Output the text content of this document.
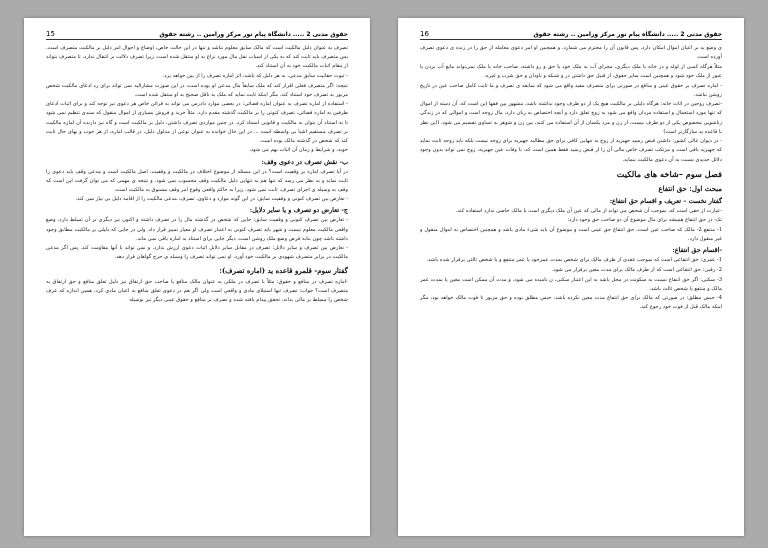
15	حقوق مدنی 2 ..... دانشگاه پیام نور مرکز ورامین .. رشته حقوق
تصرف به عنوان دلیل مالکیت است که مالک سابق معلوم نباشد و تنها در این حالت خاص، اوضاع و احوال امر دلیل بر مالکیت متصرف است. پس متصرف باید ثابت کند که به یکی از اسباب نقل مال مورد نزاع به او منتقل شده است. زیرا تصرف دلالت بر انتقال ندارد، تا متصرف بتواند از مقام اثبات مالکیت خود به آن استناد کند.
- ثبوت حقانیت سابق مدعی، به هر دلیل که باشد، اثر اماره تصرف را از بین خواهد برد.
نتیجه: اگر متصرف فعلی اقرار کند که ملک سابقاً مال مدعی او بوده است، در این صورت مشارالیه نمی تواند برای رد ادعای مالکیت شخص مزبور به تصرف خود استناد کند. مگر اینکه ثابت نماید که ملک به ناقل صحیح به او منتقل شده است.
- استفاده از اماره تصرف به عنوان اماره قضائی: در بعضی موارد دادرس می تواند به قرائن خاص هر دعوی نیز توجه کند و برای اثبات ادعای طرفین به اماره قضائی، تصرف کنونی را بر مالکیت گذشته مقدم دارد. مثلاً خرید و فروش بسیاری از اموال منقول که سندی تنظیم نمی شود تا به استناد آن بتوان به مالکیت و قانونی استناد کرد. در چنین مواردی تصرف داشتن، دلیل بر مالکیت است و گاه نیز دارنده آن اماره مالکیت بر تصرف مستقیم اشیا بی واسطه است ... در این حال خوانده به عنوان نوعی از مدلول دلیل، در قالب اماره، از هر خوب و بهای حال ثابت کند که شخص در گذشته مالک بوده است.
خوبد، و شرایط و زمان آن اثبات بهم می شود.
ب- نقش تصرف در دعوی وقف:
در آیا تصرف اماره بر وقفیت است؟ در این مسئله از موضوع اختلاف در مالکیت و وقفیت، اصل مالکیت است و مدعی وقف باید دعوی را ثابت نماید و به نظر می رسد که تنها هم به تنهایی دلیل مالکیت وقف محسوب نمی شود. و نتیجه ی مهمی که می توان گرفت این است که وقف به وسیله ی اجرای تصرف، ثابت نمی شود. زیرا به حاکم واقعی وقوع امر وقف مسبوق به مالکیت است.
- تعارض بین تصرف کنونی و وقفیت سابق: در این گونه موارد و دعاوی، تصرف، مدعی مالکیت را از اقامه دلیل بی نیاز نمی کند.
ج- تعارض دو تصرف و یا سایر دلایل:
- تعارض بین تصرف کنونی و وقفیت سابق: جایی که شخص در گذشته مال را در تصرف داشته و اکنون نیز دیگری بر آن تسلط دارد، وضع واقعی مالکیت معلوم نیست و شهر باید تصرف کنونی به اعتبار تصرف او معیار تمییز قرار داد. ولی در جایی که دلیلی بر مالکیت مطابق وجود داشته باشد چون بنابه فرض وضع ملک روشن است، دیگر جایی برای استناد به اماره باقی نمی ماند.
- تعارض بین تصرف و سایر دلایل: تصرف در مقابل سایر دلایل اثبات دعوی ارزش ندارد. و نمی تواند با آنها مقاومت کند. پس اگر مدعی مالکیت در برابر متصرف شهودی بر مالکیت خود آورد، او نمی تواند تصرف را وسیله ی حرج گواهان قرار دهد.
گفتار سوم- قلمرو قاعده ید (اماره تصرف):
-اماره تصرف در منافع و حقوق: مثلاً با تصرف در ملکی به عنوان مالک منافع یا صاحب حق ارتفاق نیز دلیل تعلق منافع و حق ارتفاق به متصرف است؟ جواب: تصرف تنها استیلای مادی و واقعی است ولی اگر هم در دعوی تعلق منافع به اعیان مادی کرد، همین اندازه که عرف شخص را مسلط بر مالی بداند، تحقق پیدام یافته شده و تصرف بر منافع و حقوق عینی دیگر نیز بوسیله
16	حقوق مدنی 2 ..... دانشگاه پیام نور مرکز ورامین .. رشته حقوق
ی وضع ید بر اعیان اموال امکان دارد. پس قانون آن را محترم می شمارد. و همچنین او امر دعوی معامله از حق را در زنده ی دعوی تصرف آورده است.
مثلاً هرگاه کسی از لوله و در خانه با ملک دیگری، مجرای آب به ملک خود یا حق و رو داشته، صاحب خانه یا ملک نمی‌تواند مانع آب بردن یا عبور از ملک خود شود و همچنین است سایر حقوق، از قبیل حق داشتن در و شبکه و ناودان و حق شرب و غیره.
- اماره تصرف بر حقوق عینی و منافع در صورتی برای متصرف مفید واقع می شود که سابقه ی تصرف و ما ثابت کامل صاحب عین در تاریخ روشن نباشد.
-تصرف زوجین در اثاث خانه: هرگاه دلیلی بر مالکیت هیچ یک از دو طرف وجود نداشته باشد، مشهور بین فقها این است که، آن دسته از اموال که تنها مورد استعمال و استفاده مردان واقع می شود به زوج تعلق دارد و آنچه اختصاص به زنان دارد، مال زوجه است و اموالی که در زندگی زناشویی مخصوص یکی از دو طرف نیست، از زن و مرد یکسان از آن استفاده می کنند، بین زن و شوهر به تساوی تقسیم می شود. (این نظر با قاعده ید سازگارتر است)
- در دیوان عالی کشور: داشتن قبض رسید جهیزیه از زوج به تنهایی کافی برای حق مطالبه جهیزیه برای زوجه نیست بلکه باید زوجه ثابت نماید که جهیزیه باقی است و مرتکب تصرف خاص مالی آن را از قبض رسید فقط همین است که، با وفات عین جهیزیه، زوج نمی تواند بدون وجود دلائل جدیدی نسبت به آن دعوی مالکیت بنماید.
فصل سوم –شاخه های مالکیت
مبحث اول: حق انتفاع
گفتار نخست – تعریف و اقسام حق انتفاع:
-عبارت از حقی است که، بموجب آن شخص می تواند از مالی که عین آن ملک دیگری است یا مالک خاصی ندارد استفاده کند.
تک- در حق انتفاع همیشه برای مال موضوع آن دو صاحب حق وجود دارد:
1- منتفع 2- مالک که صاحب عین است. حق انتفاع حق عینی است و موضوع آن باید شیء مادی باشد و همچنین اختصاص به اموال منقول و غیر منقول دارد.
-اقسام حق انتفاع:
1- عمری: حق انتفاعی است که بموجب عقدی از طرف مالک برای شخص بمدت عمرخود یا عمر منتفع و یا شخص ثالثی برقرار شده باشد.
2- رقبی: حق انتفاعی است که از طرف مالک برای مدت معین برقرار می شود.
3- سکنی: اگر حق انتفاع نسبت به سکونت در محل باشد به این اعتبار سکنی، ن نامیده می شود. و مدت آن ممکن است معین یا بمدت عمر مالک و منتفع یا شخص ثالث باشد.
4- حبس مطلق: در صورتی که مالک برای حق انتفاع مدت معین نکرده باشد، حبس مطلق بوده و حق مزبور تا فوت مالک خواهد بود، مگر اینکه مالک قبل از فوت خود رجوع کند.
